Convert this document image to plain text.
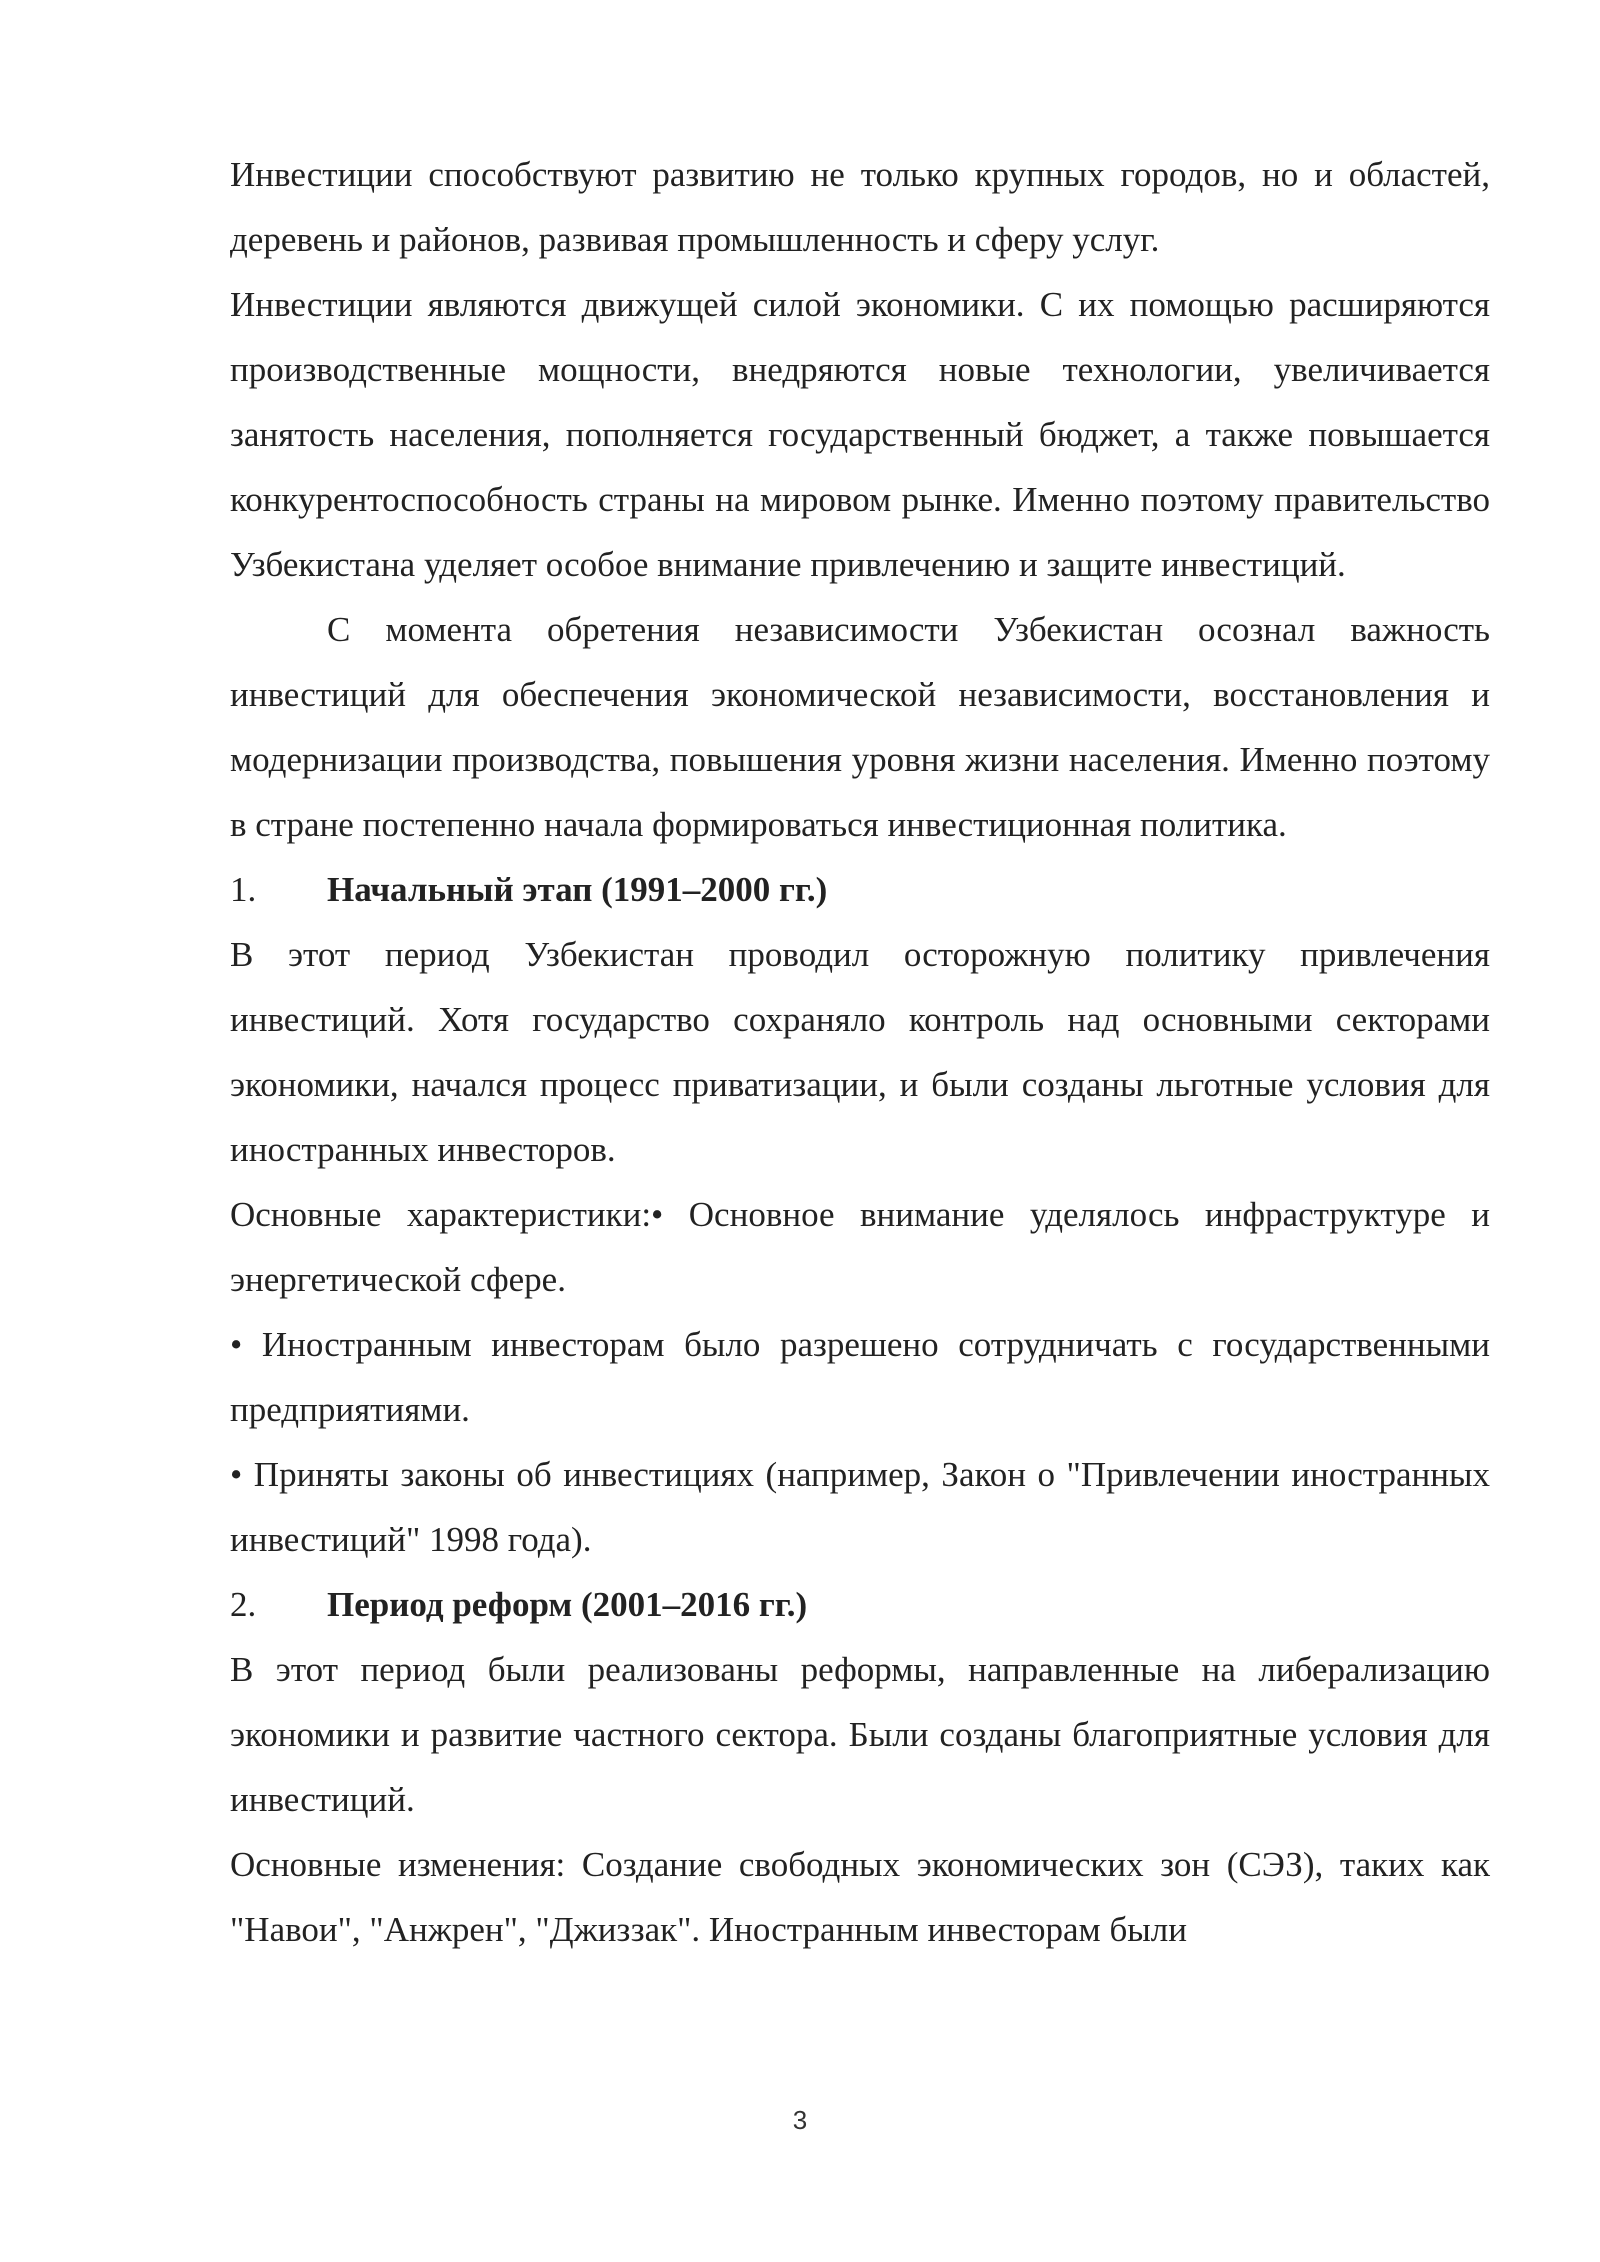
Инвестиции способствуют развитию не только крупных городов, но и областей, деревень и районов, развивая промышленность и сферу услуг.

Инвестиции являются движущей силой экономики. С их помощью расширяются производственные мощности, внедряются новые технологии, увеличивается занятость населения, пополняется государственный бюджет, а также повышается конкурентоспособность страны на мировом рынке. Именно поэтому правительство Узбекистана уделяет особое внимание привлечению и защите инвестиций.

С момента обретения независимости Узбекистан осознал важность инвестиций для обеспечения экономической независимости, восстановления и модернизации производства, повышения уровня жизни населения. Именно поэтому в стране постепенно начала формироваться инвестиционная политика.

1.	Начальный этап (1991–2000 гг.)

В этот период Узбекистан проводил осторожную политику привлечения инвестиций. Хотя государство сохраняло контроль над основными секторами экономики, начался процесс приватизации, и были созданы льготные условия для иностранных инвесторов.

Основные характеристики:• Основное внимание уделялось инфраструктуре и энергетической сфере.

• Иностранным инвесторам было разрешено сотрудничать с государственными предприятиями.

• Приняты законы об инвестициях (например, Закон о "Привлечении иностранных инвестиций" 1998 года).

2.	Период реформ (2001–2016 гг.)

В этот период были реализованы реформы, направленные на либерализацию экономики и развитие частного сектора. Были созданы благоприятные условия для инвестиций.

Основные изменения: Создание свободных экономических зон (СЭЗ), таких как "Навои", "Анжрен", "Джиззак". Иностранным инвесторам были

3
